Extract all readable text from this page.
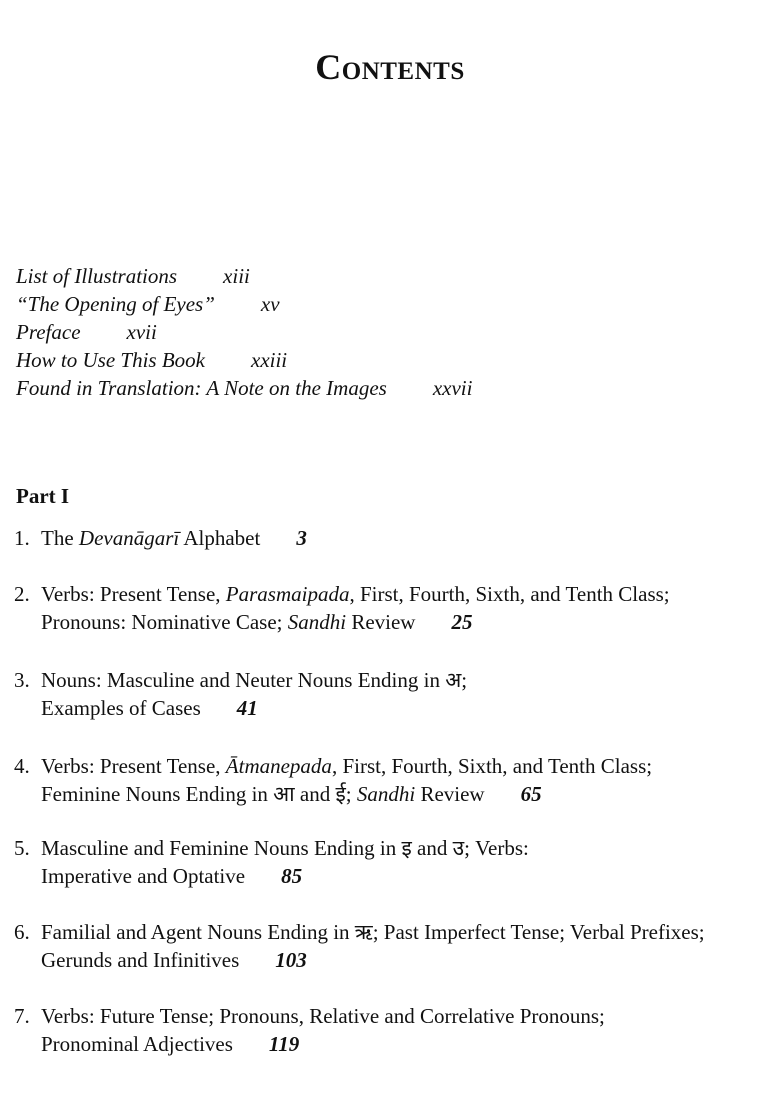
Contents
List of Illustrations xiii
“The Opening of Eyes” xv
Preface xvii
How to Use This Book xxiii
Found in Translation: A Note on the Images xxvii
Part I
1. The Devanāgarī Alphabet 3
2. Verbs: Present Tense, Parasmaipada, First, Fourth, Sixth, and Tenth Class;
Pronouns: Nominative Case; Sandhi Review 25
3. Nouns: Masculine and Neuter Nouns Ending in अ;
Examples of Cases 41
4. Verbs: Present Tense, Ātmanepada, First, Fourth, Sixth, and Tenth Class;
Feminine Nouns Ending in आ and ई; Sandhi Review 65
5. Masculine and Feminine Nouns Ending in इ and उ; Verbs:
Imperative and Optative 85
6. Familial and Agent Nouns Ending in ऋ; Past Imperfect Tense; Verbal Prefixes;
Gerunds and Infinitives 103
7. Verbs: Future Tense; Pronouns, Relative and Correlative Pronouns;
Pronominal Adjectives 119
